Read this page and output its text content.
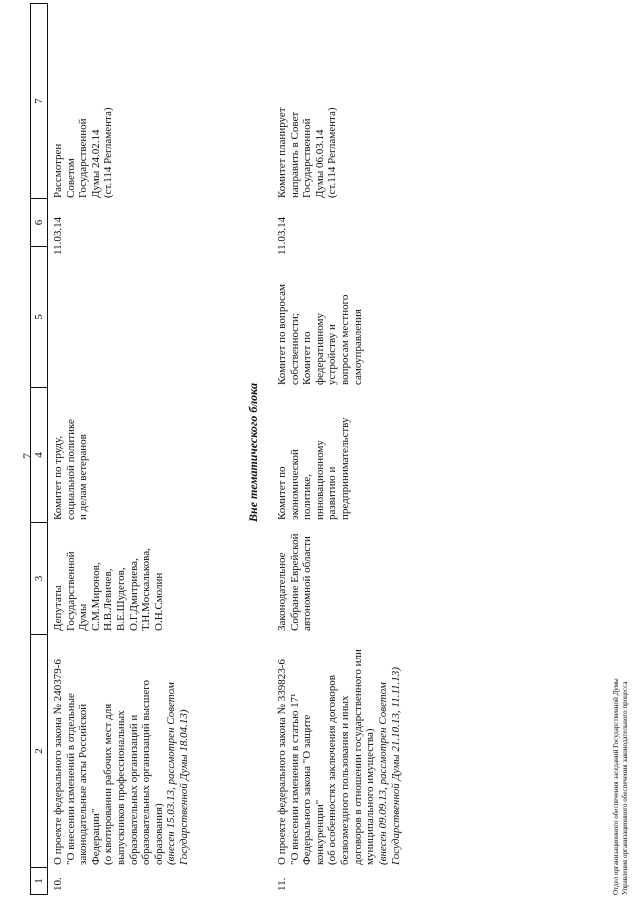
7
1
2
3
4
5
6
7
10.
О проекте федерального закона № 240379-6
"О внесении изменений в отдельные
законодательные акты Российской
Федерации"
(о квотировании рабочих мест для
выпускников профессиональных
образовательных организаций и
образовательных организаций высшего
образования) (внесен 15.03.13, рассмотрен Советом
Государственной Думы 18.04.13)
Депутаты
Государственной
Думы
С.М.Миронов,
Н.В.Левичев,
В.Е.Шудегов,
О.Г.Дмитриева,
Т.Н.Москалькова,
О.Н.Смолин
Комитет по труду,
социальной политике
и делам ветеранов
11.03.14
Рассмотрен
Советом
Государственной
Думы 24.02.14
(ст.114 Регламента)
Вне тематического блока
11.
О проекте федерального закона № 339823-6
"О внесении изменения в статью 17¹
Федерального закона "О защите
конкуренции"
(об особенностях заключения договоров
безвозмездного пользования и иных
договоров в отношении государственного или
муниципального имущества)
(внесен 09.09.13, рассмотрен Советом
Государственной Думы 21.10.13, 11.11.13)
Законодательное
Собрание Еврейской
автономной области
Комитет по
экономической
политике,
инновационному
развитию и
предпринимательству
Комитет по вопросам
собственности;
Комитет по
федеративному
устройству и
вопросам местного
самоуправления
11.03.14
Комитет планирует
направить в Совет
Государственной
Думы 06.03.14
(ст.114 Регламента)
Отдел организационного обеспечения заседаний Государственной Думы
Управления организационного обеспечения законодательного процесса
